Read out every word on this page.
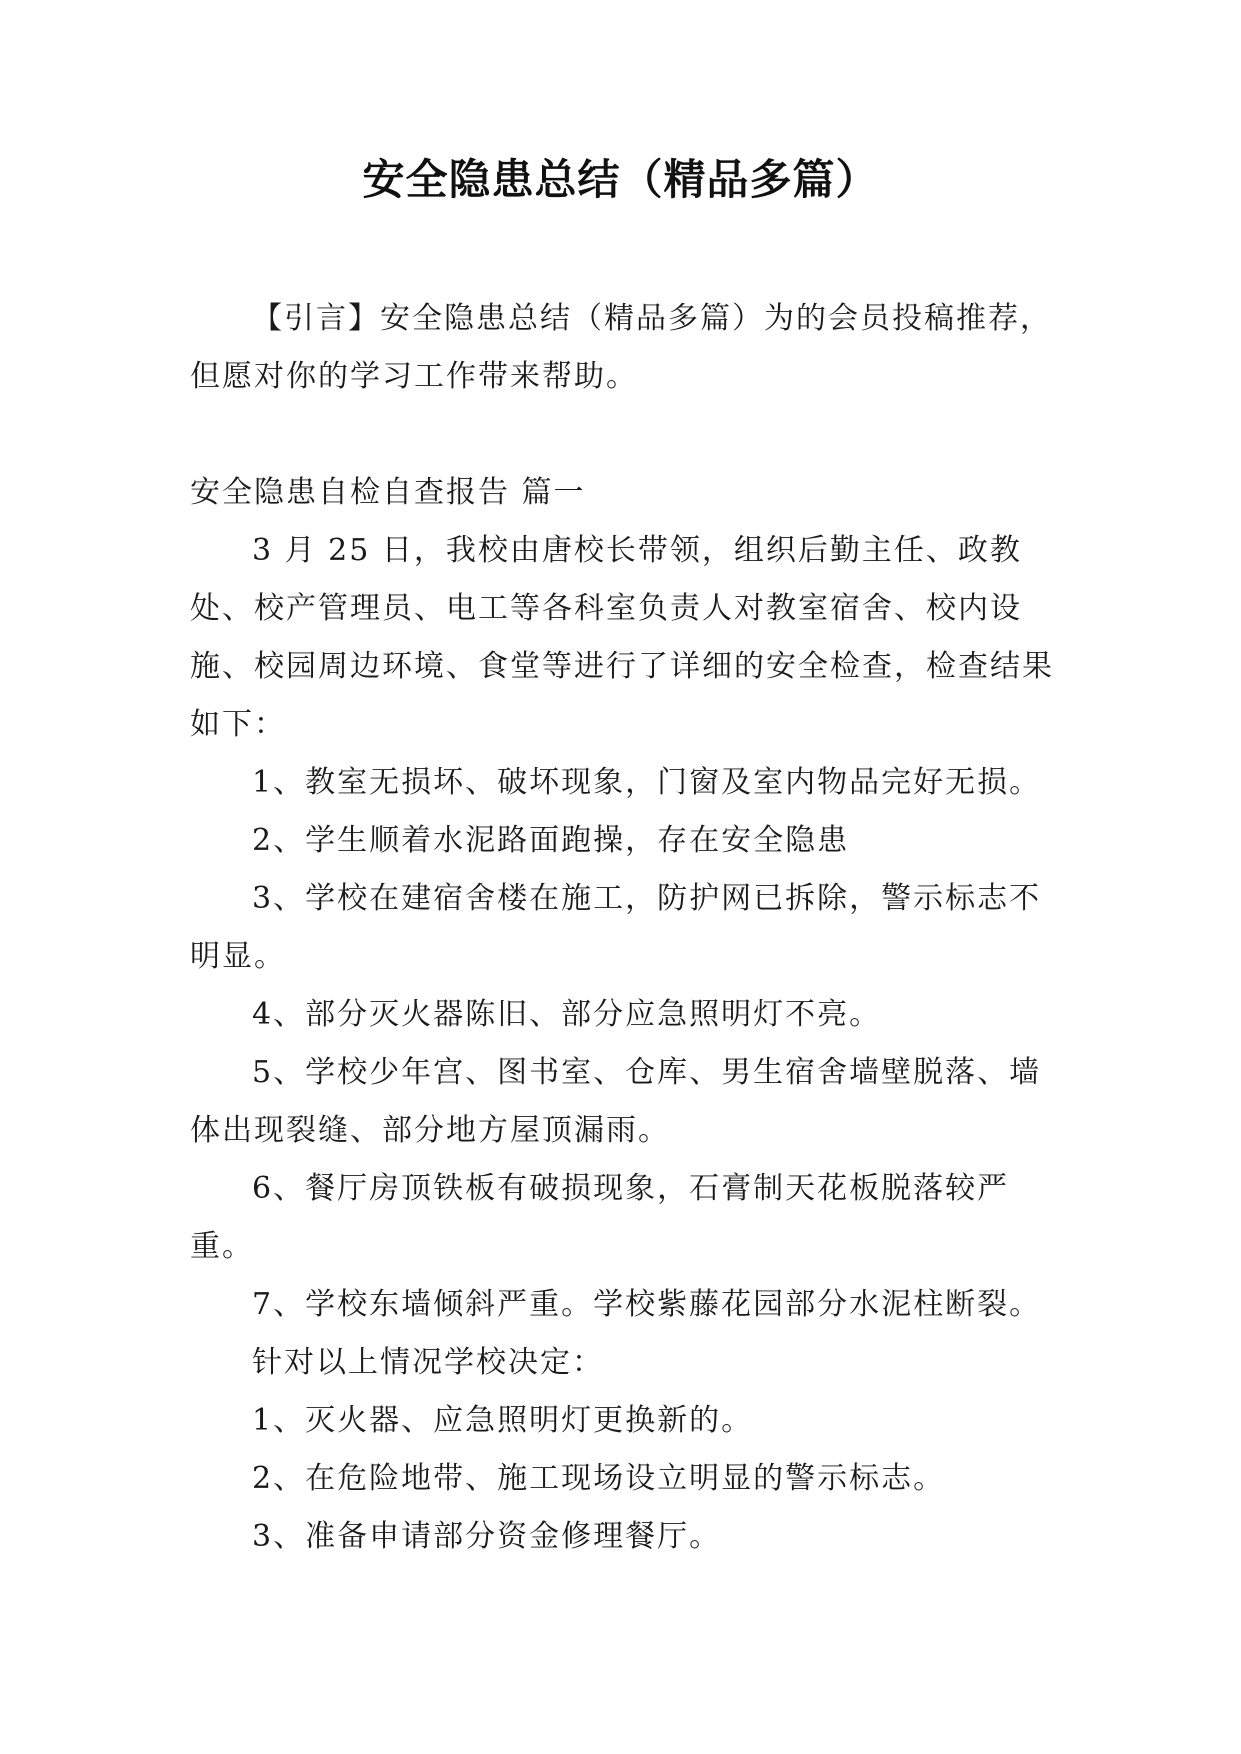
安全隐患总结（精品多篇）

【引言】安全隐患总结（精品多篇）为的会员投稿推荐，但愿对你的学习工作带来帮助。

安全隐患自检自查报告 篇一

3 月 25 日，我校由唐校长带领，组织后勤主任、政教处、校产管理员、电工等各科室负责人对教室宿舍、校内设施、校园周边环境、食堂等进行了详细的安全检查，检查结果如下：

1、教室无损坏、破坏现象，门窗及室内物品完好无损。

2、学生顺着水泥路面跑操，存在安全隐患

3、学校在建宿舍楼在施工，防护网已拆除，警示标志不明显。

4、部分灭火器陈旧、部分应急照明灯不亮。

5、学校少年宫、图书室、仓库、男生宿舍墙壁脱落、墙体出现裂缝、部分地方屋顶漏雨。

6、餐厅房顶铁板有破损现象，石膏制天花板脱落较严重。

7、学校东墙倾斜严重。学校紫藤花园部分水泥柱断裂。

针对以上情况学校决定：

1、灭火器、应急照明灯更换新的。

2、在危险地带、施工现场设立明显的警示标志。

3、准备申请部分资金修理餐厅。
